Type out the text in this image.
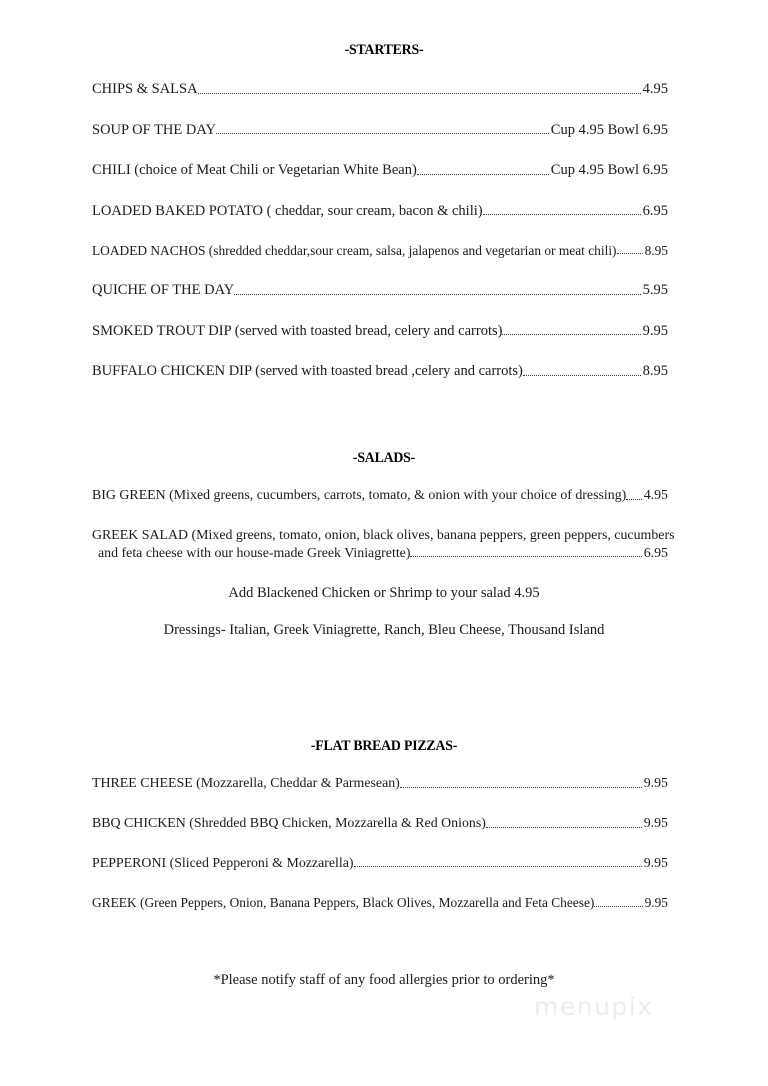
-STARTERS-
CHIPS & SALSA	4.95
SOUP OF THE DAY	Cup 4.95 Bowl 6.95
CHILI (choice of Meat Chili or Vegetarian White Bean)	Cup 4.95 Bowl 6.95
LOADED BAKED POTATO ( cheddar, sour cream, bacon & chili)	6.95
LOADED NACHOS (shredded cheddar,sour cream, salsa, jalapenos and vegetarian or meat chili) 8.95
QUICHE OF THE DAY	5.95
SMOKED TROUT DIP (served with toasted bread, celery and carrots)	9.95
BUFFALO CHICKEN DIP (served with toasted bread ,celery and carrots)	8.95
-SALADS-
BIG GREEN (Mixed greens, cucumbers, carrots, tomato, & onion with your choice of dressing) 4.95
GREEK SALAD (Mixed greens, tomato, onion, black olives, banana peppers, green peppers, cucumbers
and feta cheese with our house-made Greek Viniagrette)	6.95
Add Blackened Chicken or Shrimp to your salad 4.95
Dressings- Italian, Greek Viniagrette, Ranch, Bleu Cheese, Thousand Island
-FLAT BREAD PIZZAS-
THREE CHEESE (Mozzarella, Cheddar & Parmesean)	9.95
BBQ CHICKEN (Shredded BBQ Chicken, Mozzarella & Red Onions)	9.95
PEPPERONI (Sliced Pepperoni & Mozzarella)	9.95
GREEK (Green Peppers, Onion, Banana Peppers, Black Olives, Mozzarella and Feta Cheese)	9.95
*Please notify staff of any food allergies prior to ordering*
menupix
